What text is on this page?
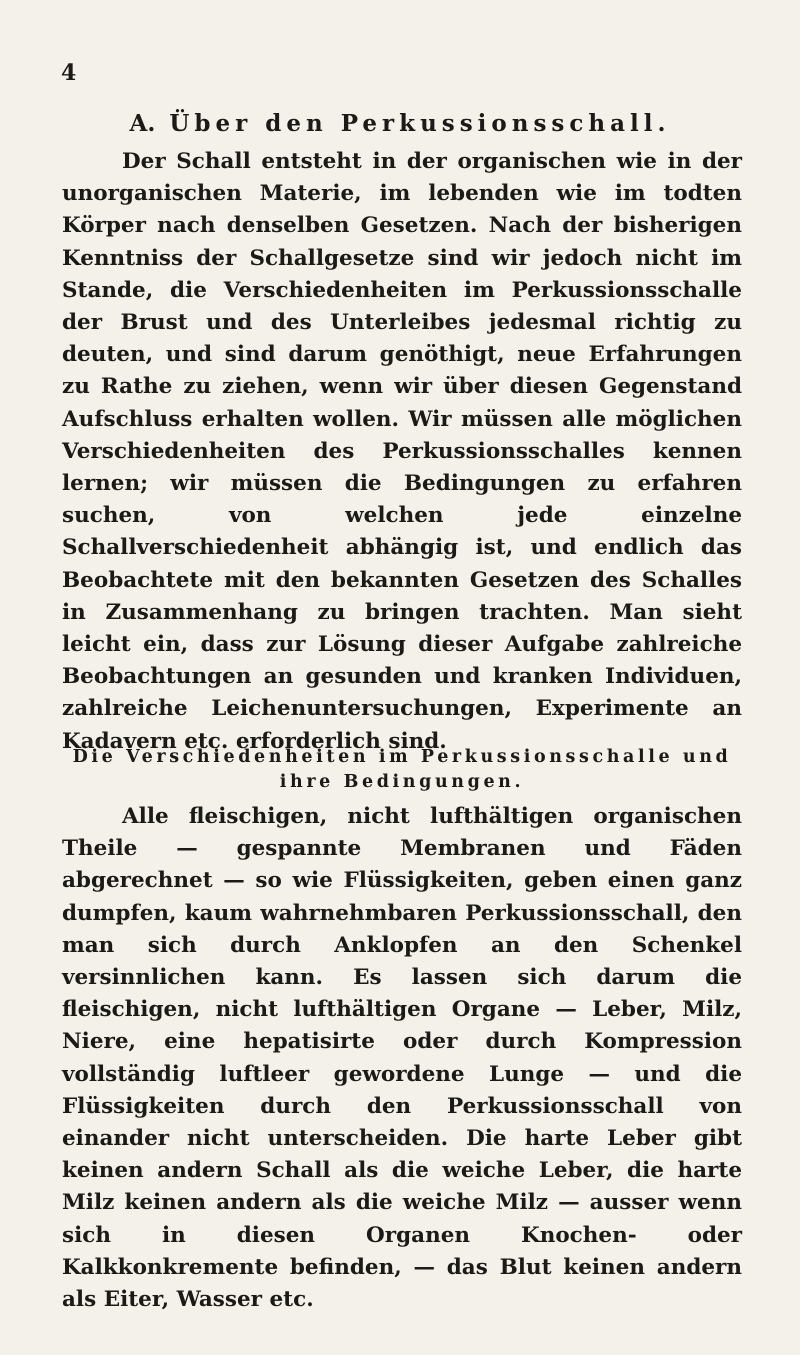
4
A. Über den Perkussionsschall.

Der Schall entsteht in der organischen wie in der unorganischen Materie, im lebenden wie im todten Körper nach denselben Gesetzen. Nach der bisherigen Kenntniss der Schallgesetze sind wir jedoch nicht im Stande, die Verschiedenheiten im Perkussionsschalle der Brust und des Unterleibes jedesmal richtig zu deuten, und sind darum genöthigt, neue Erfahrungen zu Rathe zu ziehen, wenn wir über diesen Gegenstand Aufschluss erhalten wollen. Wir müssen alle möglichen Verschiedenheiten des Perkussionsschalles kennen lernen; wir müssen die Bedingungen zu erfahren suchen, von welchen jede einzelne Schallverschiedenheit abhängig ist, und endlich das Beobachtete mit den bekannten Gesetzen des Schalles in Zusammenhang zu bringen trachten. Man sieht leicht ein, dass zur Lösung dieser Aufgabe zahlreiche Beobachtungen an gesunden und kranken Individuen, zahlreiche Leichenuntersuchungen, Experimente an Kadavern etc. erforderlich sind.

Die Verschiedenheiten im Perkussionsschalle und ihre Bedingungen.

Alle fleischigen, nicht lufthältigen organischen Theile — gespannte Membranen und Fäden abgerechnet — so wie Flüssigkeiten, geben einen ganz dumpfen, kaum wahrnehmbaren Perkussionsschall, den man sich durch Anklopfen an den Schenkel versinnlichen kann. Es lassen sich darum die fleischigen, nicht lufthältigen Organe — Leber, Milz, Niere, eine hepatisirte oder durch Kompression vollständig luftleer gewordene Lunge — und die Flüssigkeiten durch den Perkussionsschall von einander nicht unterscheiden. Die harte Leber gibt keinen andern Schall als die weiche Leber, die harte Milz keinen andern als die weiche Milz — ausser wenn sich in diesen Organen Knochen- oder Kalkkonkremente befinden, — das Blut keinen andern als Eiter, Wasser etc.
